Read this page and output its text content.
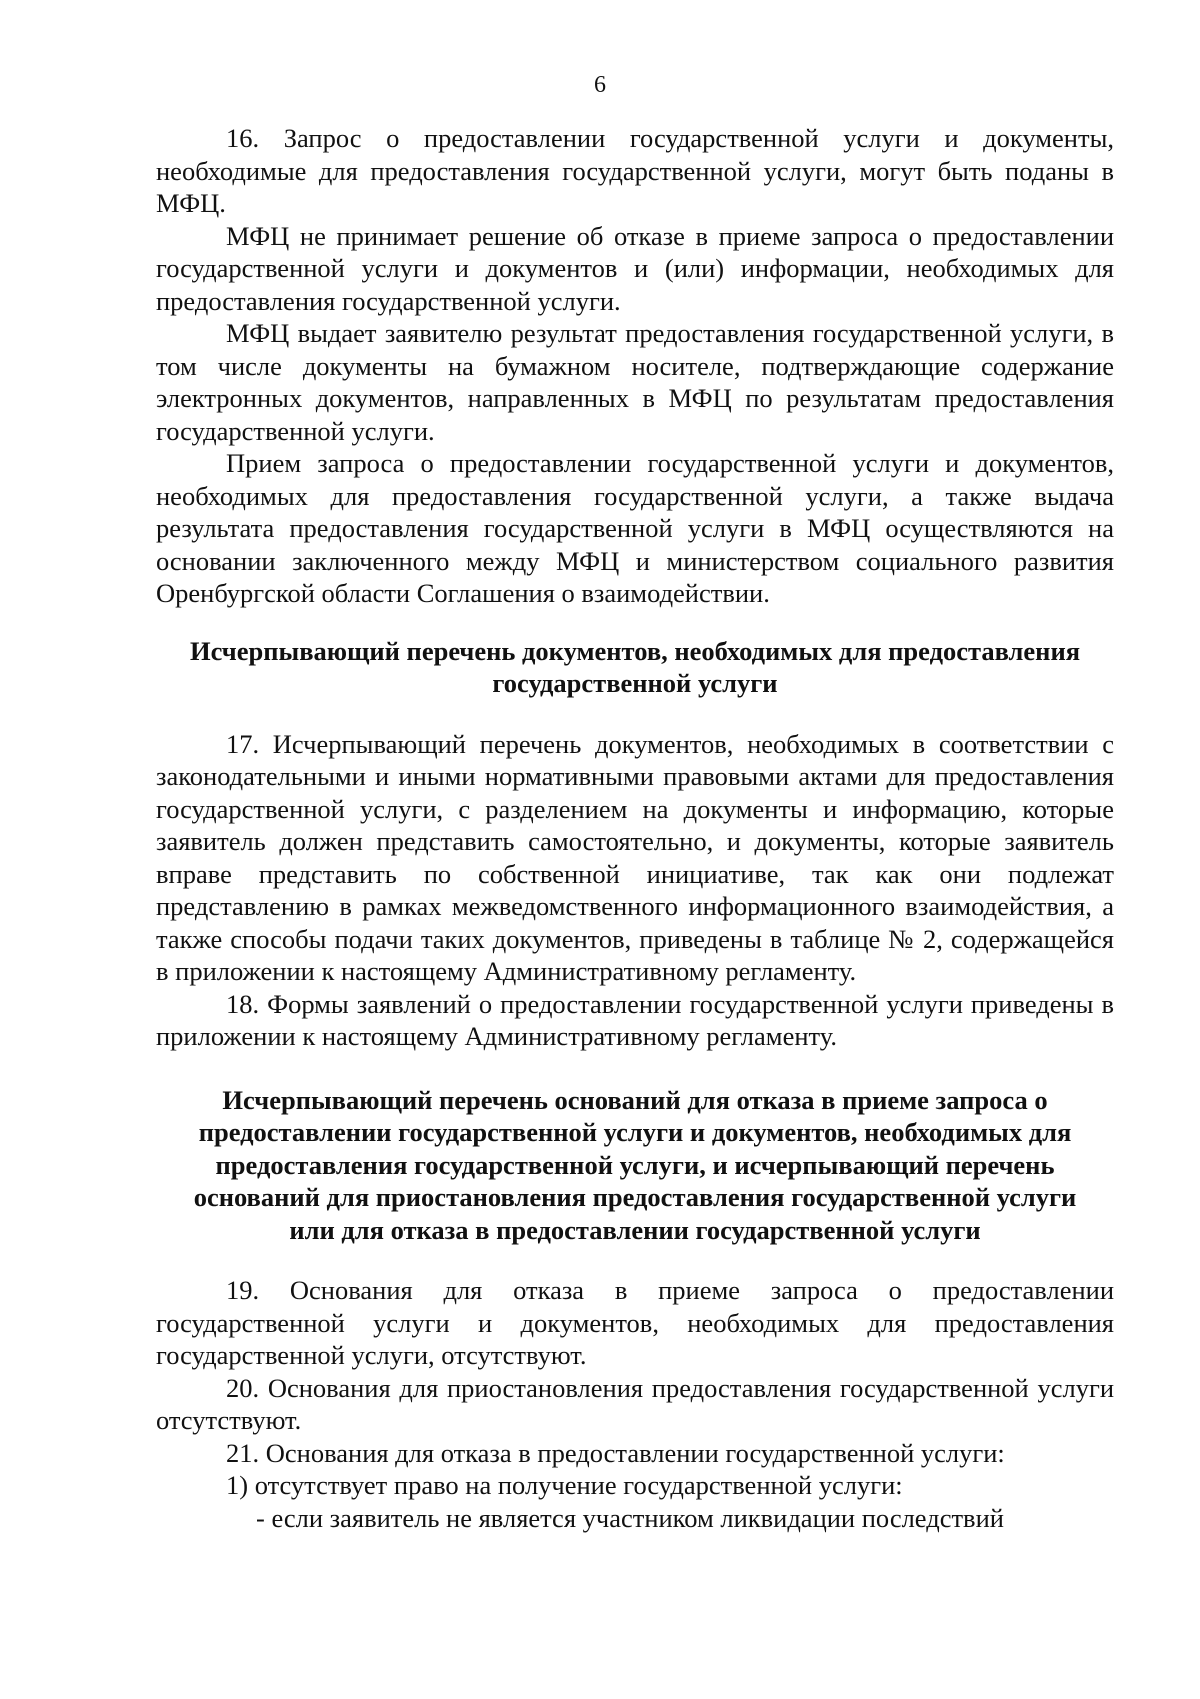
6

16. Запрос о предоставлении государственной услуги и документы, необходимые для предоставления государственной услуги, могут быть поданы в МФЦ.

МФЦ не принимает решение об отказе в приеме запроса о предоставлении государственной услуги и документов и (или) информации, необходимых для предоставления государственной услуги.

МФЦ выдает заявителю результат предоставления государственной услуги, в том числе документы на бумажном носителе, подтверждающие содержание электронных документов, направленных в МФЦ по результатам предоставления государственной услуги.

Прием запроса о предоставлении государственной услуги и документов, необходимых для предоставления государственной услуги, а также выдача результата предоставления государственной услуги в МФЦ осуществляются на основании заключенного между МФЦ и министерством социального развития Оренбургской области Соглашения о взаимодействии.

Исчерпывающий перечень документов, необходимых для предоставления
государственной услуги

17. Исчерпывающий перечень документов, необходимых в соответствии с законодательными и иными нормативными правовыми актами для предоставления государственной услуги, с разделением на документы и информацию, которые заявитель должен представить самостоятельно, и документы, которые заявитель вправе представить по собственной инициативе, так как они подлежат представлению в рамках межведомственного информационного взаимодействия, а также способы подачи таких документов, приведены в таблице № 2, содержащейся в приложении к настоящему Административному регламенту.

18. Формы заявлений о предоставлении государственной услуги приведены в приложении к настоящему Административному регламенту.

Исчерпывающий перечень оснований для отказа в приеме запроса о
предоставлении государственной услуги и документов, необходимых для
предоставления государственной услуги, и исчерпывающий перечень
оснований для приостановления предоставления государственной услуги
или для отказа в предоставлении государственной услуги

19. Основания для отказа в приеме запроса о предоставлении государственной услуги и документов, необходимых для предоставления государственной услуги, отсутствуют.

20. Основания для приостановления предоставления государственной услуги отсутствуют.

21. Основания для отказа в предоставлении государственной услуги:

1) отсутствует право на получение государственной услуги:

- если заявитель не является участником ликвидации последствий
